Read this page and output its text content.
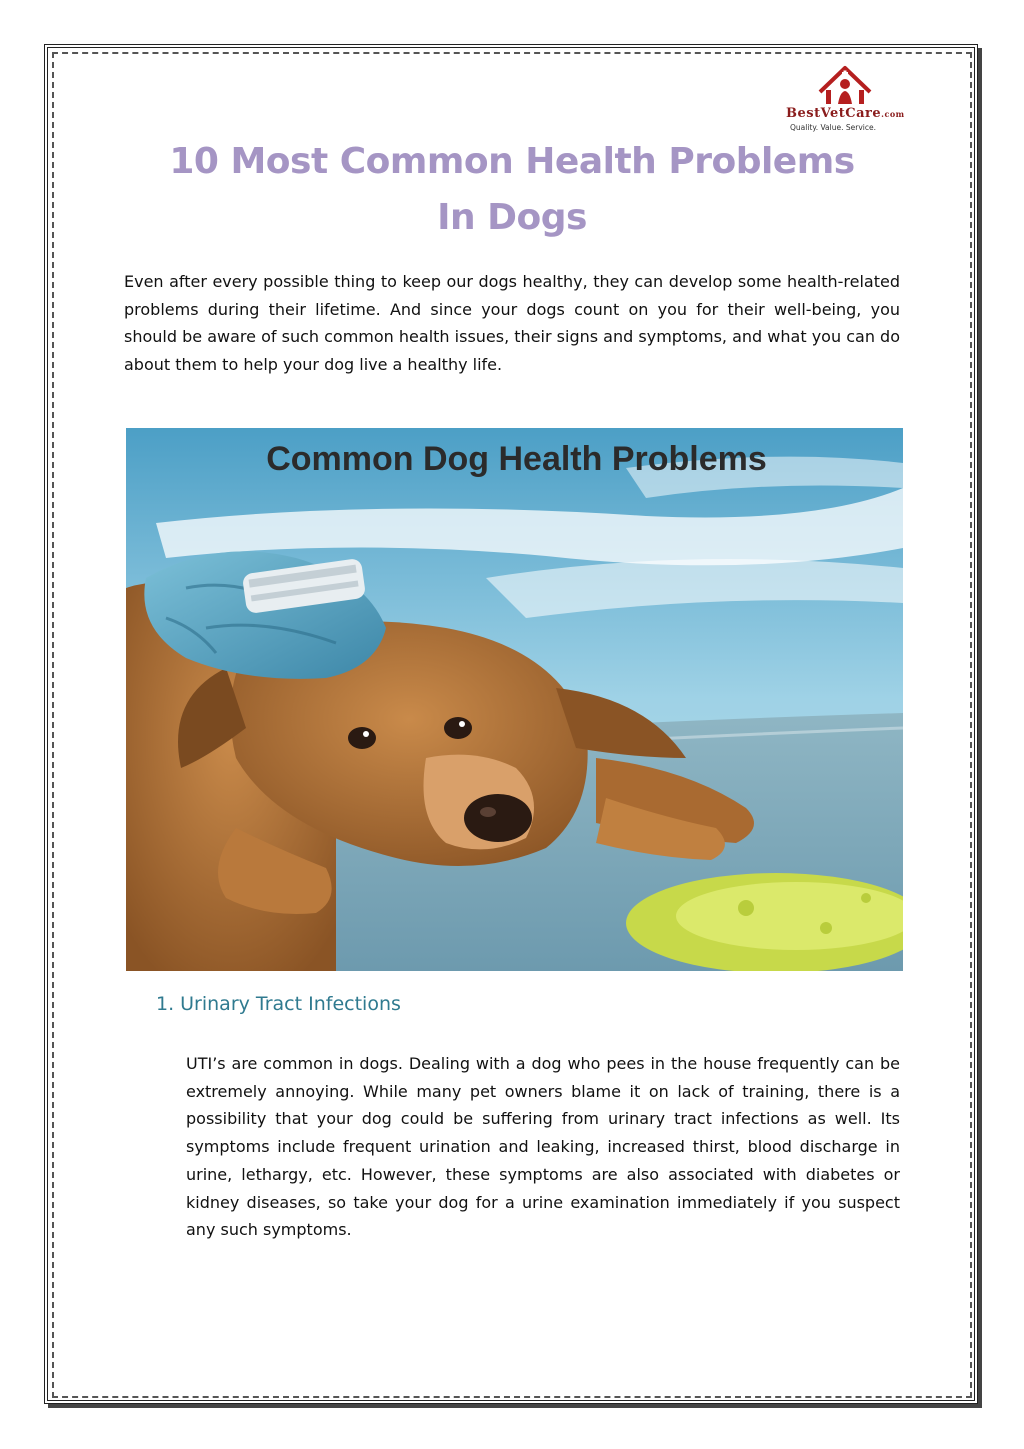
BestVetCare.com
Quality. Value. Service.
10 Most Common Health Problems
In Dogs

Even after every possible thing to keep our dogs healthy, they can develop some health-related problems during their lifetime. And since your dogs count on you for their well-being, you should be aware of such common health issues, their signs and symptoms, and what you can do about them to help your dog live a healthy life.

Common Dog Health Problems
1. Urinary Tract Infections

UTI’s are common in dogs. Dealing with a dog who pees in the house frequently can be extremely annoying. While many pet owners blame it on lack of training, there is a possibility that your dog could be suffering from urinary tract infections as well. Its symptoms include frequent urination and leaking, increased thirst, blood discharge in urine, lethargy, etc. However, these symptoms are also associated with diabetes or kidney diseases, so take your dog for a urine examination immediately if you suspect any such symptoms.
